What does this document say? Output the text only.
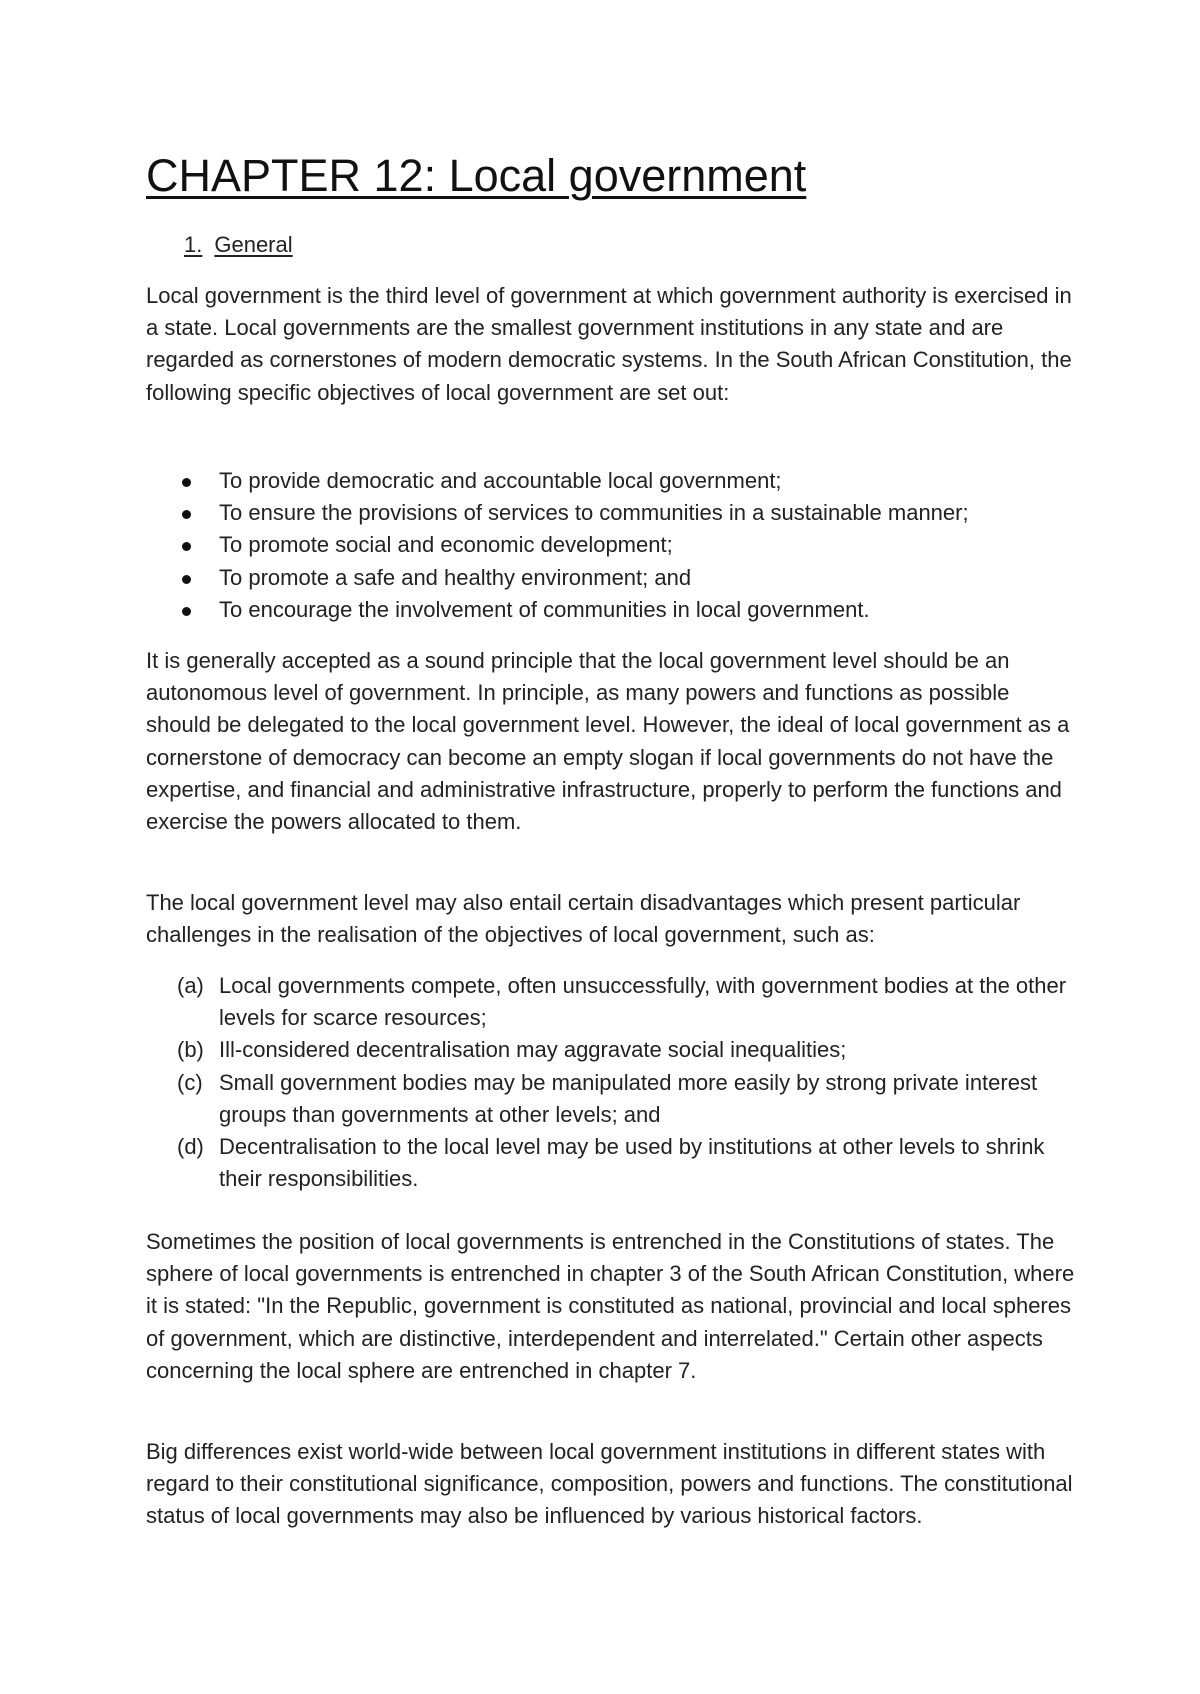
CHAPTER 12: Local government
1. General

Local government is the third level of government at which government authority is exercised in a state. Local governments are the smallest government institutions in any state and are regarded as cornerstones of modern democratic systems. In the South African Constitution, the following specific objectives of local government are set out:

To provide democratic and accountable local government;
To ensure the provisions of services to communities in a sustainable manner;
To promote social and economic development;
To promote a safe and healthy environment; and
To encourage the involvement of communities in local government.

It is generally accepted as a sound principle that the local government level should be an autonomous level of government. In principle, as many powers and functions as possible should be delegated to the local government level. However, the ideal of local government as a cornerstone of democracy can become an empty slogan if local governments do not have the expertise, and financial and administrative infrastructure, properly to perform the functions and exercise the powers allocated to them.

The local government level may also entail certain disadvantages which present particular challenges in the realisation of the objectives of local government, such as:

(a) Local governments compete, often unsuccessfully, with government bodies at the other levels for scarce resources;
(b) Ill-considered decentralisation may aggravate social inequalities;
(c) Small government bodies may be manipulated more easily by strong private interest groups than governments at other levels; and
(d) Decentralisation to the local level may be used by institutions at other levels to shrink their responsibilities.

Sometimes the position of local governments is entrenched in the Constitutions of states. The sphere of local governments is entrenched in chapter 3 of the South African Constitution, where it is stated: "In the Republic, government is constituted as national, provincial and local spheres of government, which are distinctive, interdependent and interrelated." Certain other aspects concerning the local sphere are entrenched in chapter 7.

Big differences exist world-wide between local government institutions in different states with regard to their constitutional significance, composition, powers and functions. The constitutional status of local governments may also be influenced by various historical factors.
